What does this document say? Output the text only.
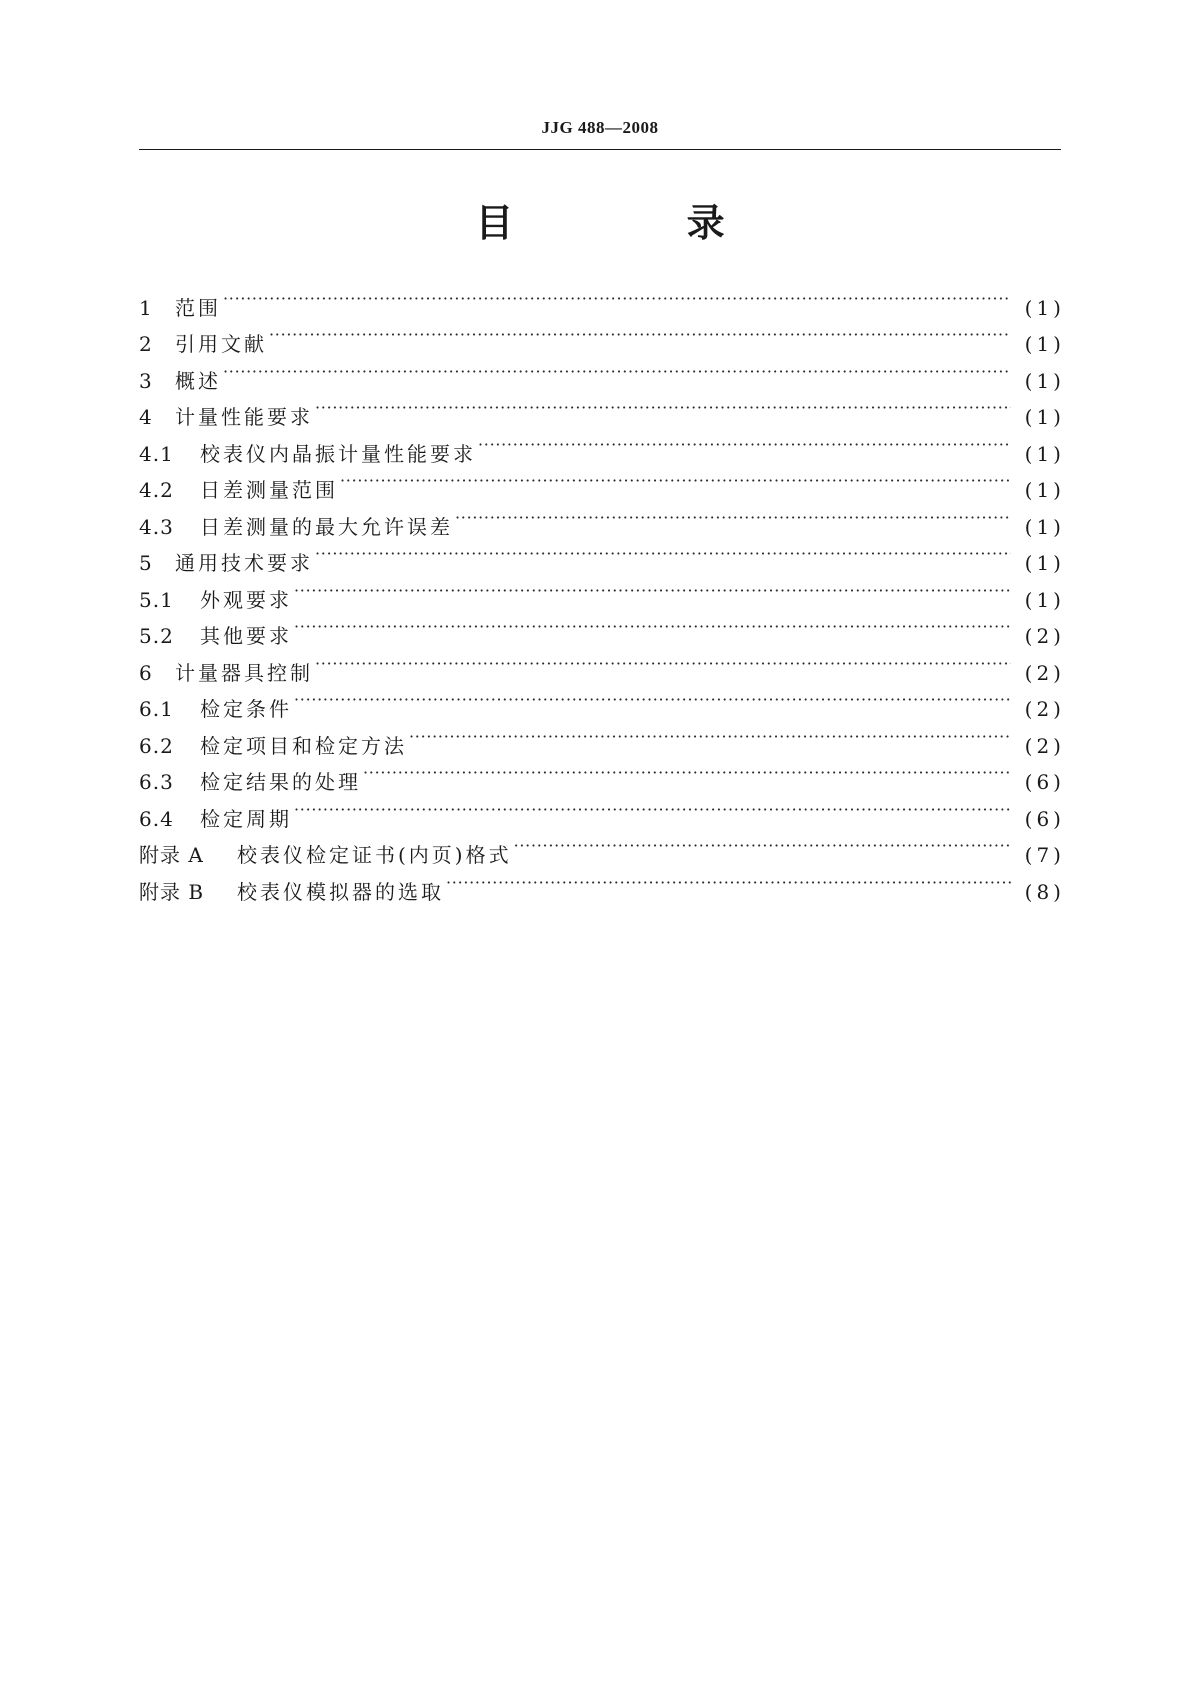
JJG 488—2008
目 录
1	范围 ·····	(1)
2	引用文献 ·····	(1)
3	概述 ·····	(1)
4	计量性能要求 ·····	(1)
4.1	校表仪内晶振计量性能要求 ·····	(1)
4.2	日差测量范围 ·····	(1)
4.3	日差测量的最大允许误差 ·····	(1)
5	通用技术要求 ·····	(1)
5.1	外观要求 ·····	(1)
5.2	其他要求 ·····	(2)
6	计量器具控制 ·····	(2)
6.1	检定条件 ·····	(2)
6.2	检定项目和检定方法 ·····	(2)
6.3	检定结果的处理 ·····	(6)
6.4	检定周期 ·····	(6)
附录 A	校表仪检定证书(内页)格式 ·····	(7)
附录 B	校表仪模拟器的选取 ·····	(8)
